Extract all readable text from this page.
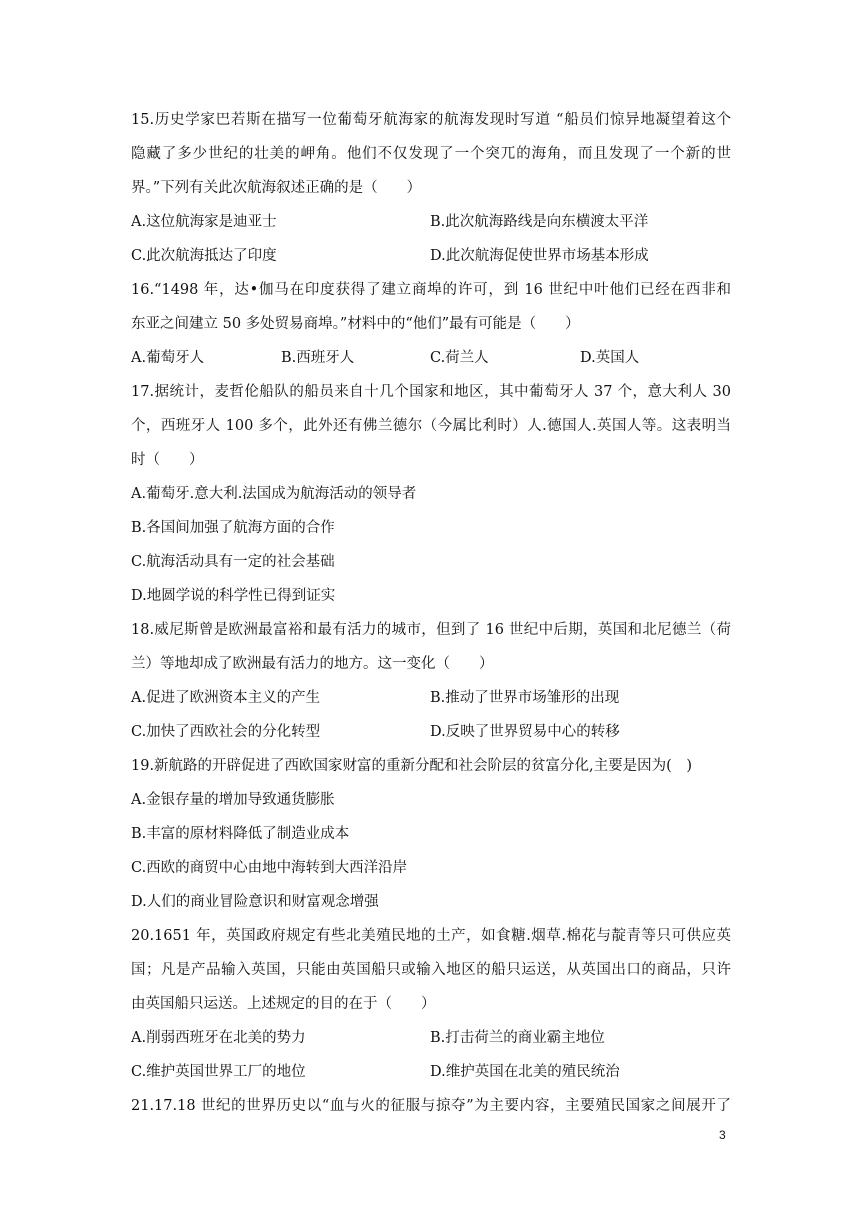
15.历史学家巴若斯在描写一位葡萄牙航海家的航海发现时写道 “船员们惊异地凝望着这个
隐藏了多少世纪的壮美的岬角。他们不仅发现了一个突兀的海角，而且发现了一个新的世
界。”下列有关此次航海叙述正确的是（　　）
A.这位航海家是迪亚士	B.此次航海路线是向东横渡太平洋
C.此次航海抵达了印度	D.此次航海促使世界市场基本形成
16.“1498 年，达•伽马在印度获得了建立商埠的许可，到 16 世纪中叶他们已经在西非和
东亚之间建立 50 多处贸易商埠。”材料中的“他们”最有可能是（　　）
A.葡萄牙人	B.西班牙人	C.荷兰人	D.英国人
17.据统计，麦哲伦船队的船员来自十几个国家和地区，其中葡萄牙人 37 个，意大利人 30
个，西班牙人 100 多个，此外还有佛兰德尔（今属比利时）人.德国人.英国人等。这表明当
时（　　）
A.葡萄牙.意大利.法国成为航海活动的领导者
B.各国间加强了航海方面的合作
C.航海活动具有一定的社会基础
D.地圆学说的科学性已得到证实
18.威尼斯曾是欧洲最富裕和最有活力的城市，但到了 16 世纪中后期，英国和北尼德兰（荷
兰）等地却成了欧洲最有活力的地方。这一变化（　　）
A.促进了欧洲资本主义的产生	B.推动了世界市场雏形的出现
C.加快了西欧社会的分化转型	D.反映了世界贸易中心的转移
19.新航路的开辟促进了西欧国家财富的重新分配和社会阶层的贫富分化,主要是因为(　)
A.金银存量的增加导致通货膨胀
B.丰富的原材料降低了制造业成本
C.西欧的商贸中心由地中海转到大西洋沿岸
D.人们的商业冒险意识和财富观念增强
20.1651 年，英国政府规定有些北美殖民地的土产，如食糖.烟草.棉花与靛青等只可供应英
国；凡是产品输入英国，只能由英国船只或输入地区的船只运送，从英国出口的商品，只许
由英国船只运送。上述规定的目的在于（　　）
A.削弱西班牙在北美的势力	B.打击荷兰的商业霸主地位
C.维护英国世界工厂的地位	D.维护英国在北美的殖民统治
21.17.18 世纪的世界历史以“血与火的征服与掠夺”为主要内容，主要殖民国家之间展开了
3
